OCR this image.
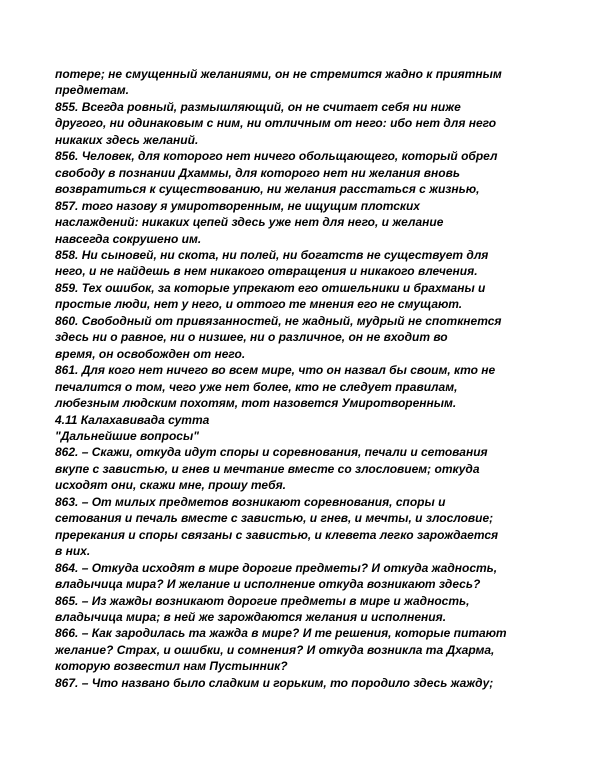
потере; не смущенный желаниями, он не стремится жадно к приятным
предметам.
855. Всегда ровный, размышляющий, он не считает себя ни ниже
другого, ни одинаковым с ним, ни отличным от него: ибо нет для него
никаких здесь желаний.
856. Человек, для которого нет ничего обольщающего, который обрел
свободу в познании Дхаммы, для которого нет ни желания вновь
возвратиться к существованию, ни желания расстаться с жизнью,
857. того назову я умиротворенным, не ищущим плотских
наслаждений: никаких цепей здесь уже нет для него, и желание
навсегда сокрушено им.
858. Ни сыновей, ни скота, ни полей, ни богатств не существует для
него, и не найдешь в нем никакого отвращения и никакого влечения.
859. Тех ошибок, за которые упрекают его отшельники и брахманы и
простые люди, нет у него, и оттого те мнения его не смущают.
860. Свободный от привязанностей, не жадный, мудрый не споткнется
здесь ни о равное, ни о низшее, ни о различное, он не входит во
время, он освобожден от него.
861. Для кого нет ничего во всем мире, что он назвал бы своим, кто не
печалится о том, чего уже нет более, кто не следует правилам,
любезным людским похотям, тот назовется Умиротворенным.
4.11 Калахавивада сутта
"Дальнейшие вопросы"
862. – Скажи, откуда идут споры и соревнования, печали и сетования
вкупе с завистью, и гнев и мечтание вместе со злословием; откуда
исходят они, скажи мне, прошу тебя.
863. – От милых предметов возникают соревнования, споры и
сетования и печаль вместе с завистью, и гнев, и мечты, и злословие;
пререкания и споры связаны с завистью, и клевета легко зарождается
в них.
864. – Откуда исходят в мире дорогие предметы? И откуда жадность,
владычица мира? И желание и исполнение откуда возникают здесь?
865. – Из жажды возникают дорогие предметы в мире и жадность,
владычица мира; в ней же зарождаются желания и исполнения.
866. – Как зародилась та жажда в мире? И те решения, которые питают
желание? Страх, и ошибки, и сомнения? И откуда возникла та Дхарма,
которую возвестил нам Пустынник?
867. – Что названо было сладким и горьким, то породило здесь жажду;
